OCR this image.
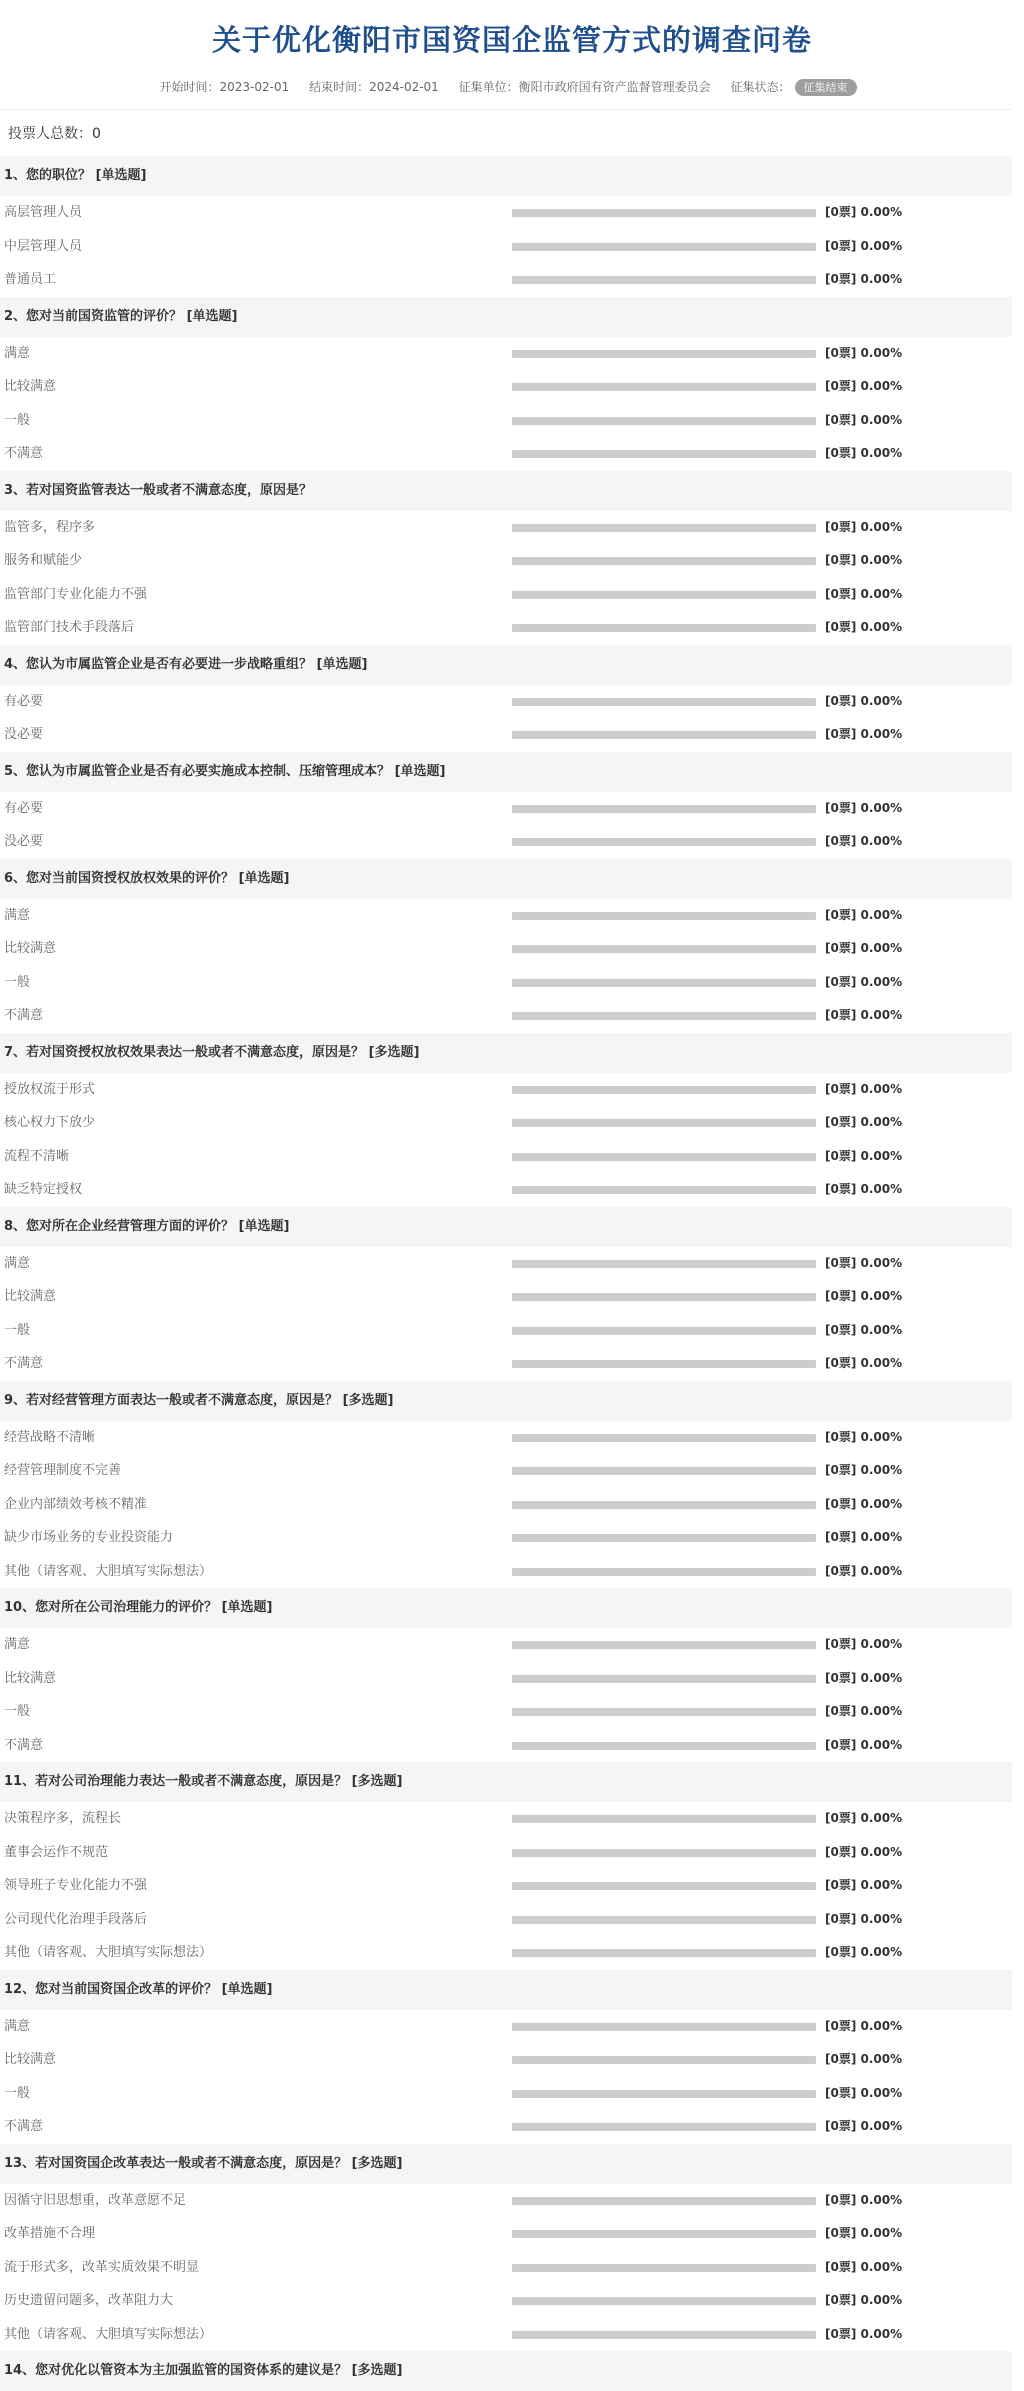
关于优化衡阳市国资国企监管方式的调查问卷
开始时间：2023-02-01 结束时间：2024-02-01 征集单位：衡阳市政府国有资产监督管理委员会 征集状态： 征集结束
投票人总数：0
1、您的职位？ [单选题]
高层管理人员	[0票] 0.00%
中层管理人员	[0票] 0.00%
普通员工	[0票] 0.00%
2、您对当前国资监管的评价？ [单选题]
满意	[0票] 0.00%
比较满意	[0票] 0.00%
一般	[0票] 0.00%
不满意	[0票] 0.00%
3、若对国资监管表达一般或者不满意态度，原因是？
监管多，程序多	[0票] 0.00%
服务和赋能少	[0票] 0.00%
监管部门专业化能力不强	[0票] 0.00%
监管部门技术手段落后	[0票] 0.00%
4、您认为市属监管企业是否有必要进一步战略重组？ [单选题]
有必要	[0票] 0.00%
没必要	[0票] 0.00%
5、您认为市属监管企业是否有必要实施成本控制、压缩管理成本？ [单选题]
有必要	[0票] 0.00%
没必要	[0票] 0.00%
6、您对当前国资授权放权效果的评价？ [单选题]
满意	[0票] 0.00%
比较满意	[0票] 0.00%
一般	[0票] 0.00%
不满意	[0票] 0.00%
7、若对国资授权放权效果表达一般或者不满意态度，原因是？ [多选题]
授放权流于形式	[0票] 0.00%
核心权力下放少	[0票] 0.00%
流程不清晰	[0票] 0.00%
缺乏特定授权	[0票] 0.00%
8、您对所在企业经营管理方面的评价？ [单选题]
满意	[0票] 0.00%
比较满意	[0票] 0.00%
一般	[0票] 0.00%
不满意	[0票] 0.00%
9、若对经营管理方面表达一般或者不满意态度，原因是？ [多选题]
经营战略不清晰	[0票] 0.00%
经营管理制度不完善	[0票] 0.00%
企业内部绩效考核不精准	[0票] 0.00%
缺少市场业务的专业投资能力	[0票] 0.00%
其他（请客观、大胆填写实际想法）	[0票] 0.00%
10、您对所在公司治理能力的评价？ [单选题]
满意	[0票] 0.00%
比较满意	[0票] 0.00%
一般	[0票] 0.00%
不满意	[0票] 0.00%
11、若对公司治理能力表达一般或者不满意态度，原因是？ [多选题]
决策程序多，流程长	[0票] 0.00%
董事会运作不规范	[0票] 0.00%
领导班子专业化能力不强	[0票] 0.00%
公司现代化治理手段落后	[0票] 0.00%
其他（请客观、大胆填写实际想法）	[0票] 0.00%
12、您对当前国资国企改革的评价？ [单选题]
满意	[0票] 0.00%
比较满意	[0票] 0.00%
一般	[0票] 0.00%
不满意	[0票] 0.00%
13、若对国资国企改革表达一般或者不满意态度，原因是？ [多选题]
因循守旧思想重，改革意愿不足	[0票] 0.00%
改革措施不合理	[0票] 0.00%
流于形式多，改革实质效果不明显	[0票] 0.00%
历史遗留问题多，改革阻力大	[0票] 0.00%
其他（请客观、大胆填写实际想法）	[0票] 0.00%
14、您对优化以管资本为主加强监管的国资体系的建议是？ [多选题]
